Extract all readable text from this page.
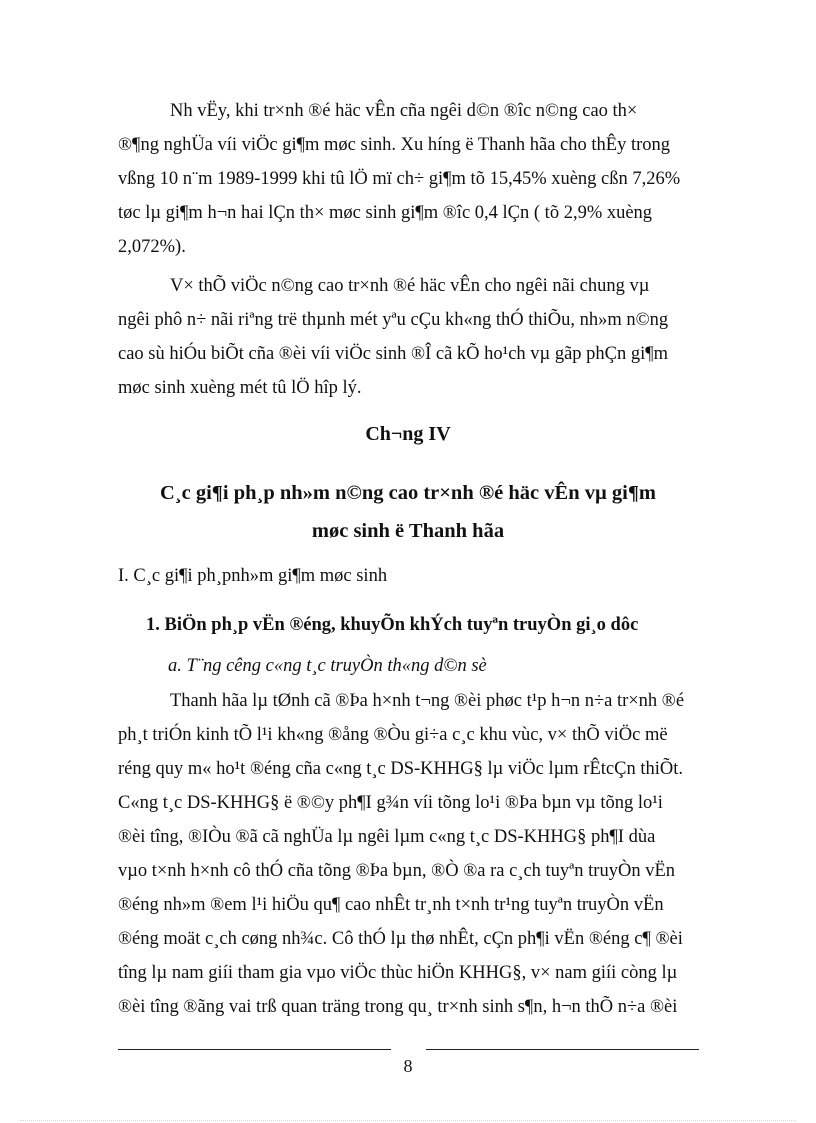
Nh vËy, khi tr×nh ®é häc vÊn cña ngêi d©n ®îc n©ng cao th×
®¶ng nghÜa víi viÖc gi¶m møc sinh. Xu híng ë Thanh hãa cho thÊy trong
vßng 10 n¨m 1989-1999 khi tû lÖ mï ch÷ gi¶m tõ 15,45% xuèng cßn 7,26%
tøc lµ gi¶m h¬n hai lÇn th× møc sinh gi¶m ®îc 0,4 lÇn ( tõ 2,9% xuèng
2,072%).
V× thÕ viÖc n©ng cao tr×nh ®é häc vÊn cho ngêi nãi chung vµ
ngêi phô n÷ nãi riªng trë thµnh mét yªu cÇu kh«ng thÓ thiÕu, nh»m n©ng
cao sù hiÓu biÕt cña ®èi víi viÖc sinh ®Î cã kÕ ho¹ch vµ gãp phÇn gi¶m
møc sinh xuèng mét tû lÖ hîp lý.
Ch¬ng IV
C¸c gi¶i ph¸p nh»m n©ng cao tr×nh ®é häc vÊn vµ gi¶m
møc sinh ë Thanh hãa
I. C¸c gi¶i ph¸pnh»m gi¶m møc sinh
1. BiÖn ph¸p vËn ®éng, khuyÕn khÝch tuyªn truyÒn gi¸o dôc
a. T¨ng cêng c«ng t¸c truyÒn th«ng d©n sè
Thanh hãa lµ tØnh cã ®Þa h×nh t¬ng ®èi phøc t¹p h¬n n÷a tr×nh ®é
ph¸t triÓn kinh tÕ l¹i kh«ng ®ång ®Òu gi÷a c¸c khu vùc, v× thÕ viÖc më
réng quy m« ho¹t ®éng cña c«ng t¸c DS-KHHG§ lµ viÖc lµm rÊtcÇn thiÕt.
C«ng t¸c DS-KHHG§ ë ®©y ph¶I g¾n víi tõng lo¹i ®Þa bµn vµ tõng lo¹i
®èi tîng, ®IÒu ®ã cã nghÜa lµ ngêi lµm c«ng t¸c DS-KHHG§ ph¶I dùa
vµo t×nh h×nh cô thÓ cña tõng ®Þa bµn, ®Ò ®a ra c¸ch tuyªn truyÒn vËn
®éng nh»m ®em l¹i hiÖu qu¶ cao nhÊt tr¸nh t×nh tr¹ng tuyªn truyÒn vËn
®éng moät c¸ch cøng nh¾c. Cô thÓ lµ thø nhÊt, cÇn ph¶i vËn ®éng c¶ ®èi
tîng lµ nam giíi tham gia vµo viÖc thùc hiÖn KHHG§, v× nam giíi còng lµ
®èi tîng ®ãng vai trß quan träng trong qu¸ tr×nh sinh s¶n, h¬n thÕ n÷a ®èi
8
